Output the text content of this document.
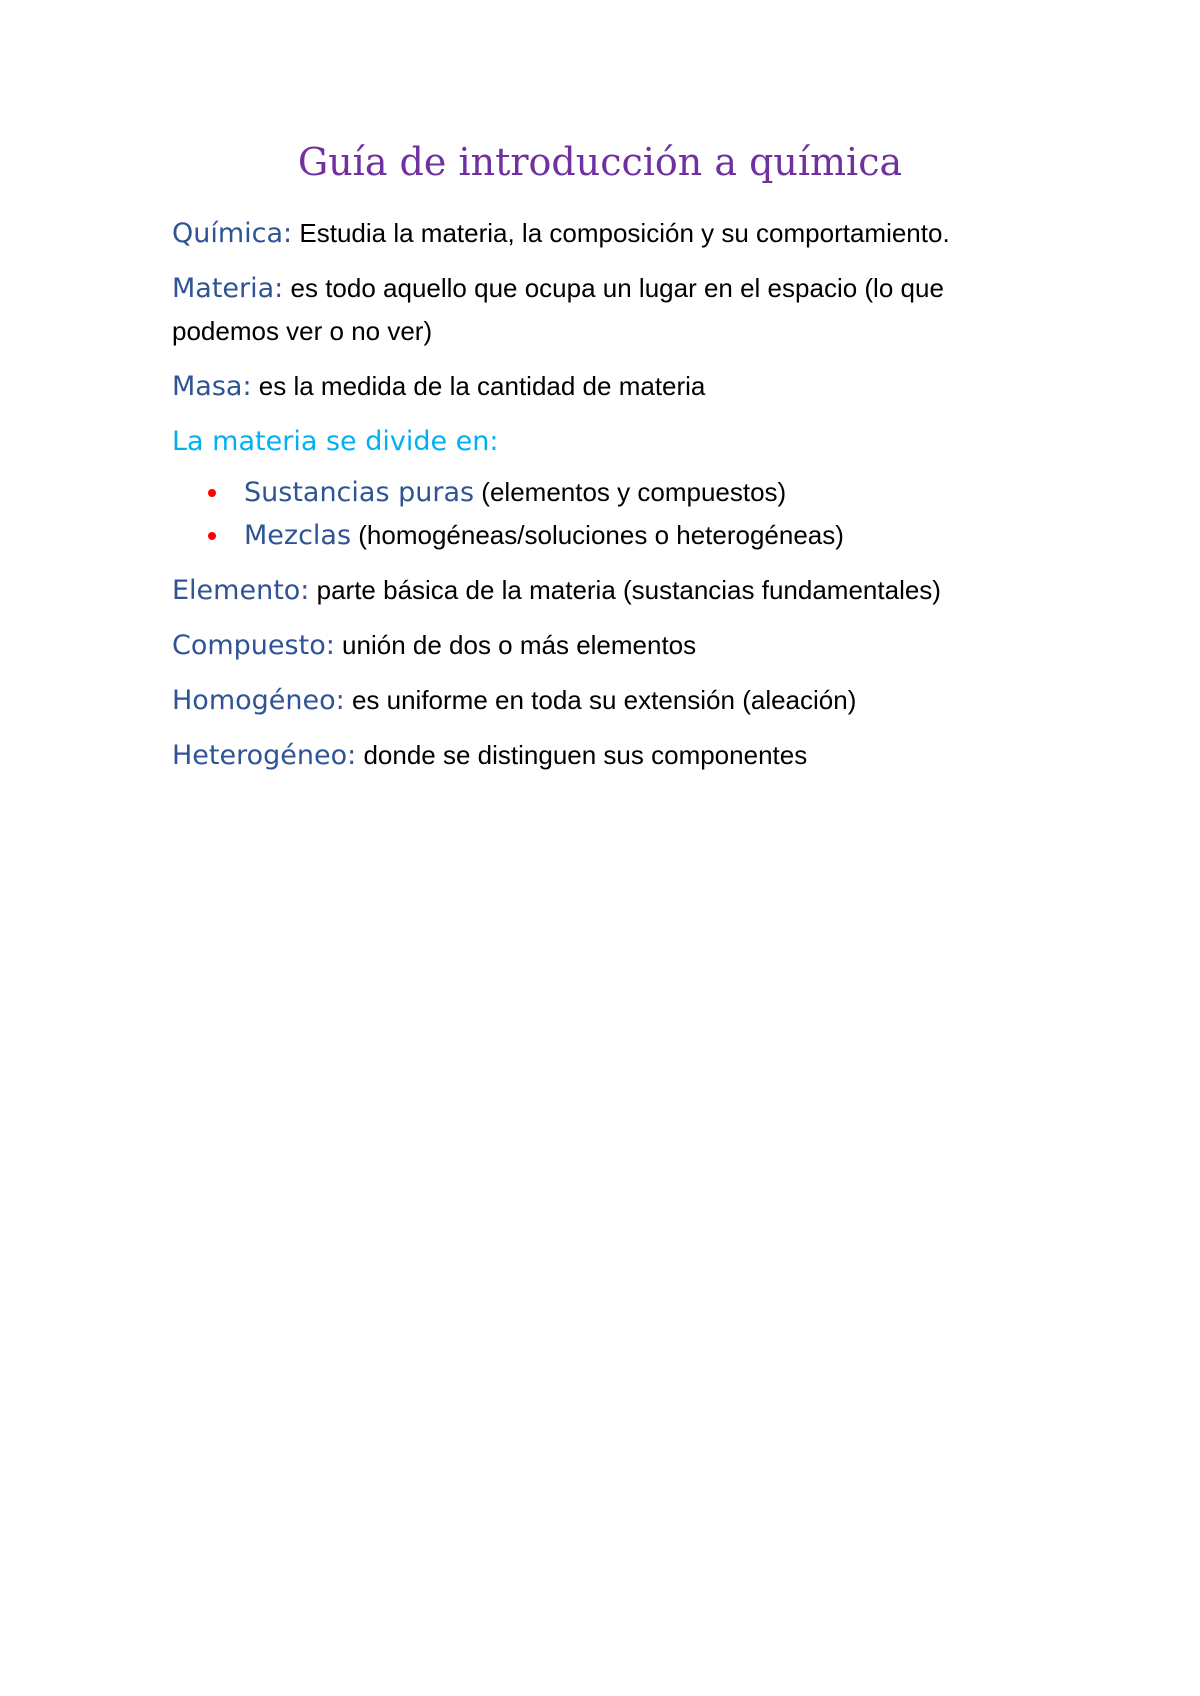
Guía de introducción a química

Química: Estudia la materia, la composición y su comportamiento.

Materia: es todo aquello que ocupa un lugar en el espacio (lo que podemos ver o no ver)

Masa: es la medida de la cantidad de materia

La materia se divide en:

Sustancias puras (elementos y compuestos)
Mezclas (homogéneas/soluciones o heterogéneas)

Elemento: parte básica de la materia (sustancias fundamentales)

Compuesto: unión de dos o más elementos

Homogéneo: es uniforme en toda su extensión (aleación)

Heterogéneo: donde se distinguen sus componentes
